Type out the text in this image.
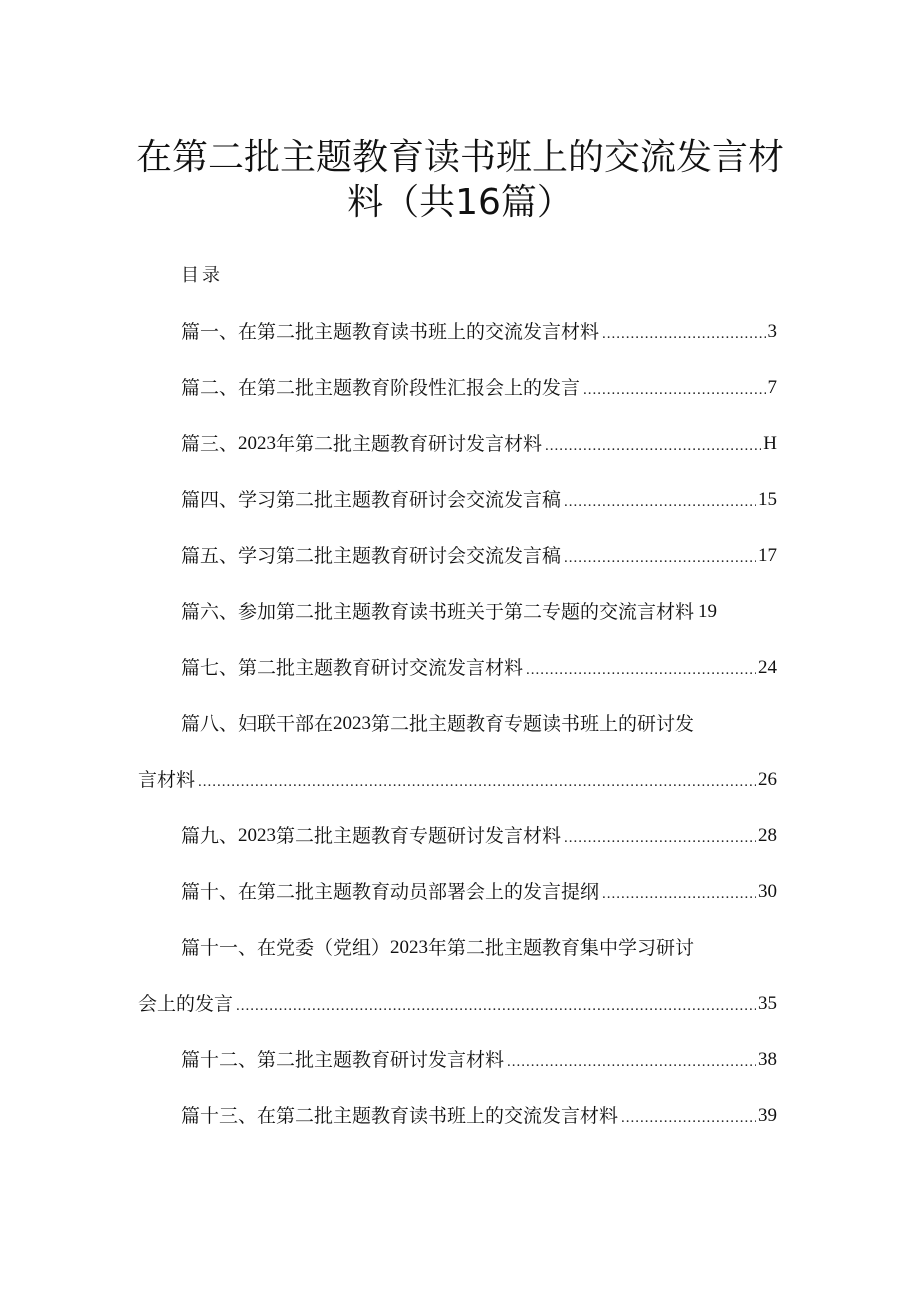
在第二批主题教育读书班上的交流发言材
料（共16篇）
目录
篇一、在第二批主题教育读书班上的交流发言材料 .....	3
篇二、在第二批主题教育阶段性汇报会上的发言 .....	7
篇三、 2023 年第二批主题教育研讨发言材料 .....	H
篇四、学习第二批主题教育研讨会交流发言稿 .....	15
篇五、学习第二批主题教育研讨会交流发言稿 .....	17
篇六、参加第二批主题教育读书班关于第二专题的交流言材料 19
篇七、第二批主题教育研讨交流发言材料 .....	24
篇八、妇联干部在 2023 第二批主题教育专题读书班上的研讨发
言材料 .....	26
篇九、 2023 第二批主题教育专题研讨发言材料 .....	28
篇十、在第二批主题教育动员部署会上的发言提纲 .....	30
篇十一、在党委（党组） 2023 年第二批主题教育集中学习研讨
会上的发言 .....	35
篇十二、第二批主题教育研讨发言材料 .....	38
篇十三、在第二批主题教育读书班上的交流发言材料 .....	39
